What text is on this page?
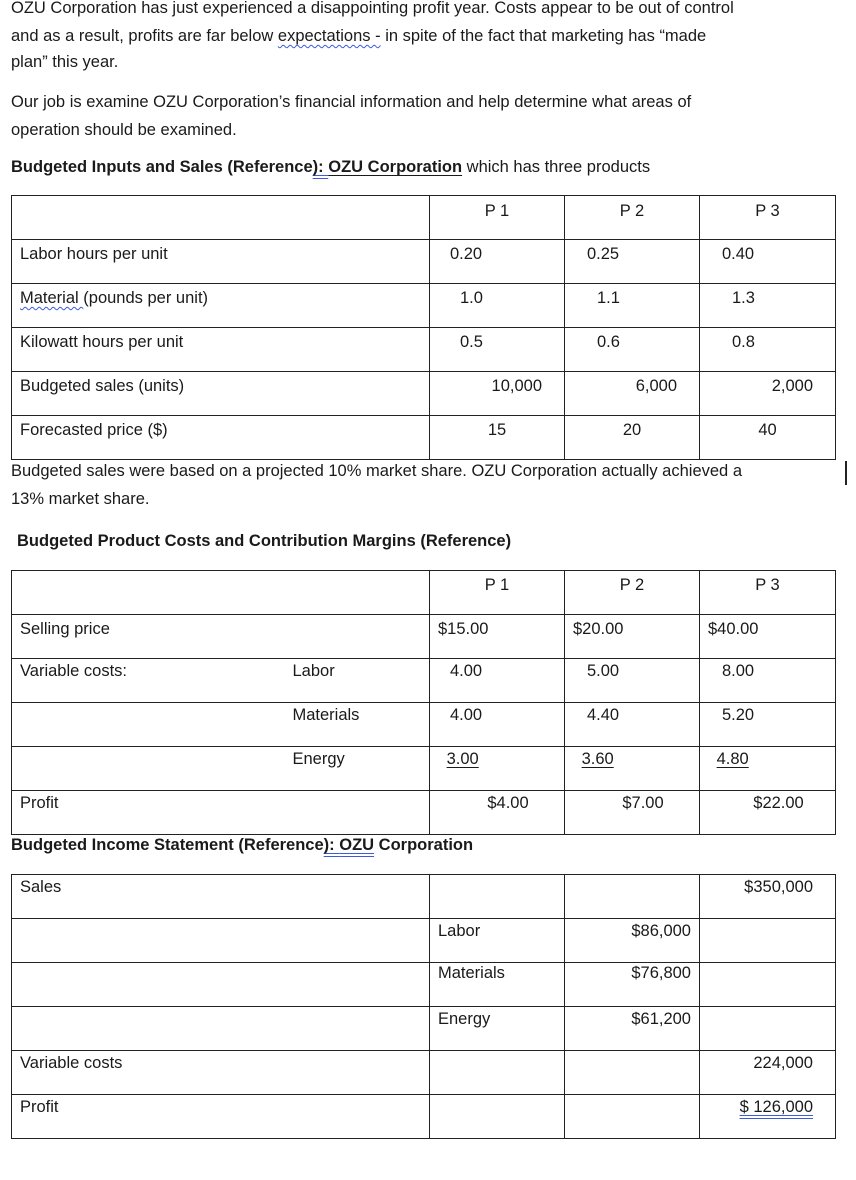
OZU Corporation has just experienced a disappointing profit year. Costs appear to be out of control

and as a result, profits are far below expectations - in spite of the fact that marketing has “made

plan” this year.

Our job is examine OZU Corporation’s financial information and help determine what areas of

operation should be examined.

Budgeted Inputs and Sales (Reference): OZU Corporation which has three products

	P 1	P 2	P 3
Labor hours per unit	0.20	0.25	0.40
Material (pounds per unit)	1.0	1.1	1.3
Kilowatt hours per unit	0.5	0.6	0.8
Budgeted sales (units)	10,000	6,000	2,000
Forecasted price ($)	15	20	40

Budgeted sales were based on a projected 10% market share. OZU Corporation actually achieved a

13% market share.

Budgeted Product Costs and Contribution Margins (Reference)

		P 1	P 2	P 3
Selling price		$15.00	$20.00	$40.00
Variable costs:	Labor	4.00	5.00	8.00
	Materials	4.00	4.40	5.20
	Energy	3.00	3.60	4.80
Profit		$4.00	$7.00	$22.00

Budgeted Income Statement (Reference): OZU Corporation

Sales			$350,000
	Labor	$86,000	
	Materials	$76,800	
	Energy	$61,200	
Variable costs			224,000
Profit			$ 126,000
